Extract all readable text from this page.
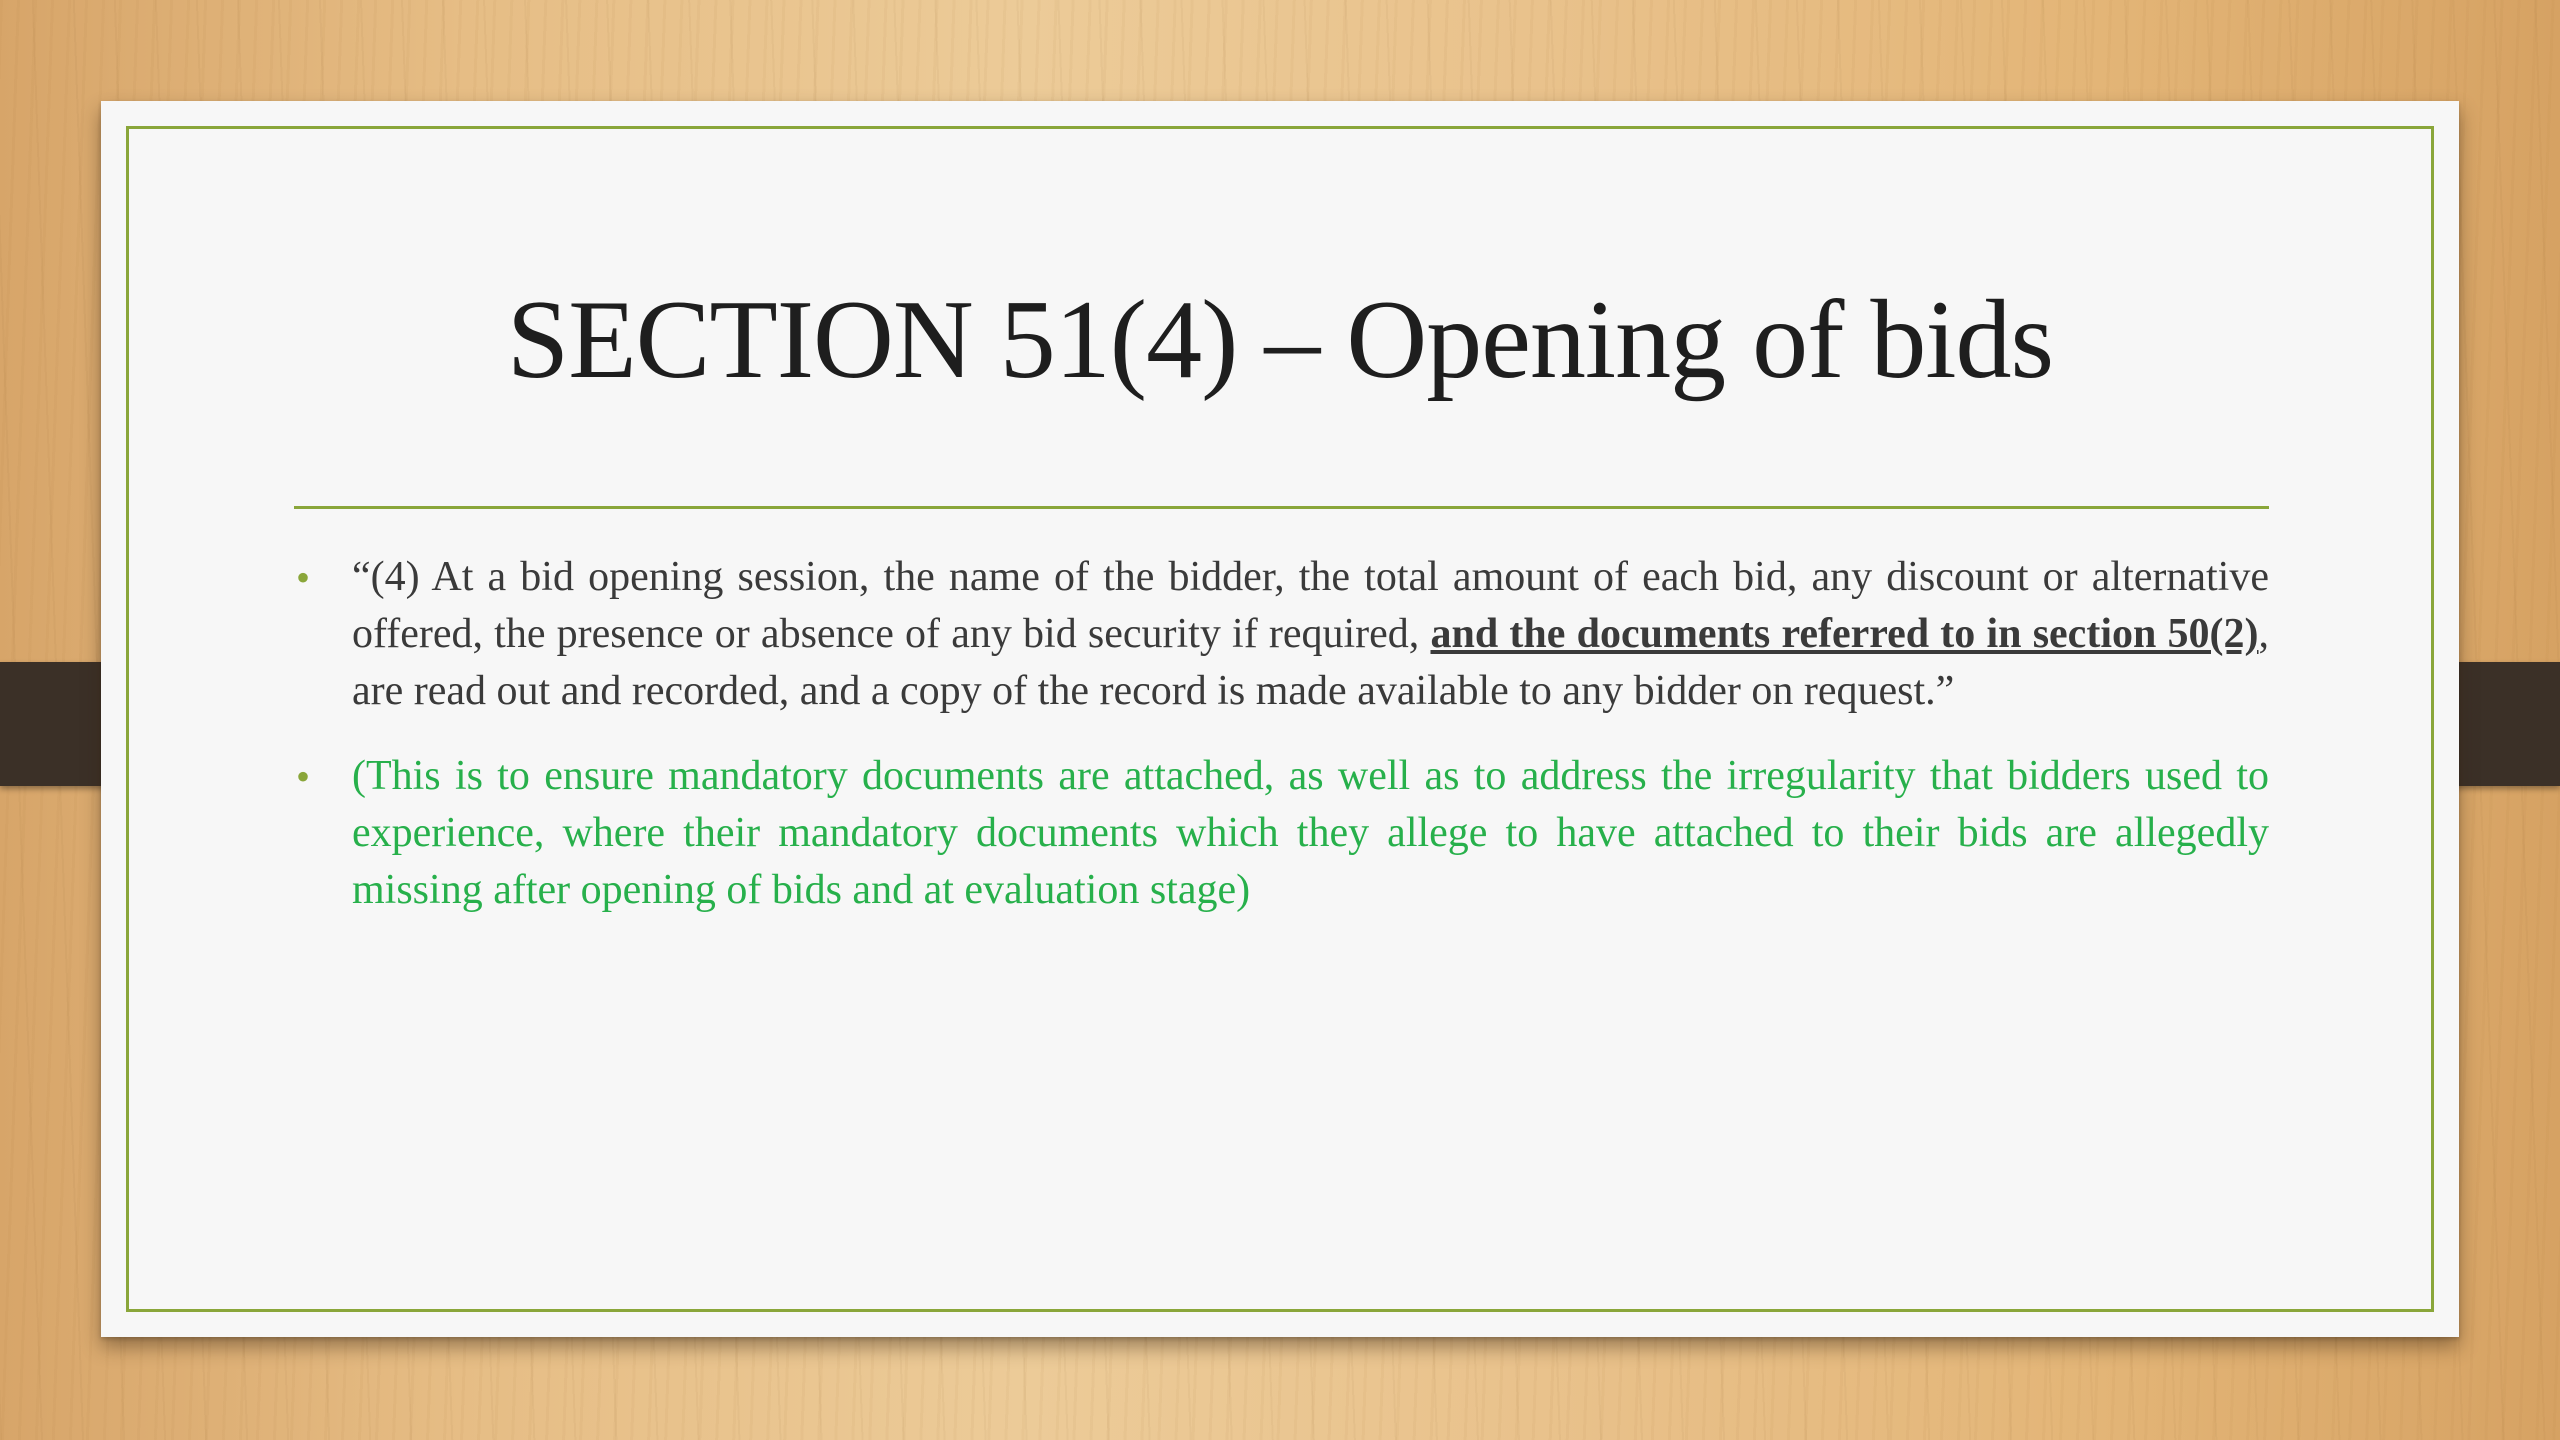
SECTION 51(4) – Opening of bids
• “(4) At a bid opening session, the name of the bidder, the total amount of each bid, any discount or alternative offered, the presence or absence of any bid security if required, and the documents referred to in section 50(2), are read out and recorded, and a copy of the record is made available to any bidder on request.”
• (This is to ensure mandatory documents are attached, as well as to address the irregularity that bidders used to experience, where their mandatory documents which they allege to have attached to their bids are allegedly missing after opening of bids and at evaluation stage)
